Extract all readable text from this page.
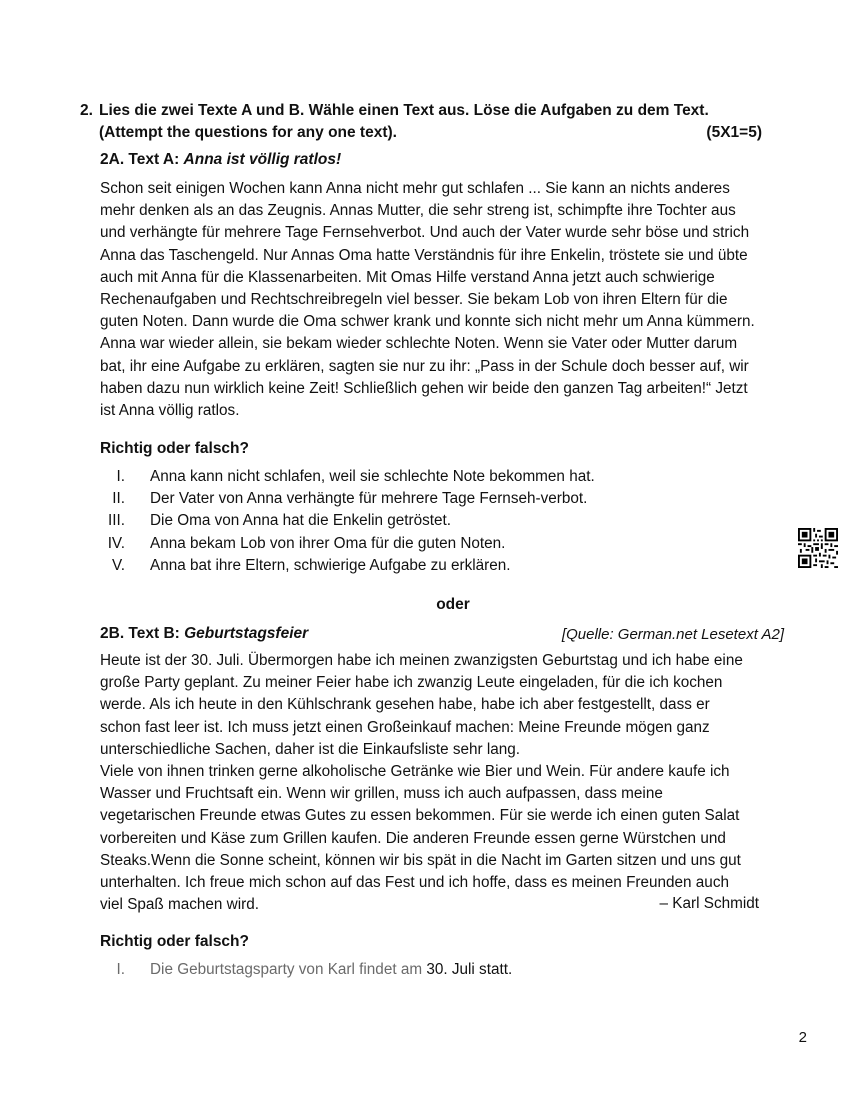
2. Lies die zwei Texte A und B. Wähle einen Text aus. Löse die Aufgaben zu dem Text.
(Attempt the questions for any one text).	(5X1=5)
2A. Text A: Anna ist völlig ratlos!

Schon seit einigen Wochen kann Anna nicht mehr gut schlafen ... Sie kann an nichts anderes

mehr denken als an das Zeugnis. Annas Mutter, die sehr streng ist, schimpfte ihre Tochter aus

und verhängte für mehrere Tage Fernsehverbot. Und auch der Vater wurde sehr böse und strich

Anna das Taschengeld. Nur Annas Oma hatte Verständnis für ihre Enkelin, tröstete sie und übte

auch mit Anna für die Klassenarbeiten. Mit Omas Hilfe verstand Anna jetzt auch schwierige

Rechenaufgaben und Rechtschreibregeln viel besser. Sie bekam Lob von ihren Eltern für die

guten Noten. Dann wurde die Oma schwer krank und konnte sich nicht mehr um Anna kümmern.

Anna war wieder allein, sie bekam wieder schlechte Noten. Wenn sie Vater oder Mutter darum

bat, ihr eine Aufgabe zu erklären, sagten sie nur zu ihr: „Pass in der Schule doch besser auf, wir

haben dazu nun wirklich keine Zeit! Schließlich gehen wir beide den ganzen Tag arbeiten!“ Jetzt

ist Anna völlig ratlos.

Richtig oder falsch?
I. Anna kann nicht schlafen, weil sie schlechte Note bekommen hat.
II. Der Vater von Anna verhängte für mehrere Tage Fernseh-verbot.
III. Die Oma von Anna hat die Enkelin getröstet.
IV. Anna bekam Lob von ihrer Oma für die guten Noten.
V. Anna bat ihre Eltern, schwierige Aufgabe zu erklären.
oder
2B. Text B: Geburtstagsfeier	[Quelle: German.net Lesetext A2]

Heute ist der 30. Juli. Übermorgen habe ich meinen zwanzigsten Geburtstag und ich habe eine

große Party geplant. Zu meiner Feier habe ich zwanzig Leute eingeladen, für die ich kochen

werde. Als ich heute in den Kühlschrank gesehen habe, habe ich aber festgestellt, dass er

schon fast leer ist. Ich muss jetzt einen Großeinkauf machen: Meine Freunde mögen ganz

unterschiedliche Sachen, daher ist die Einkaufsliste sehr lang.

Viele von ihnen trinken gerne alkoholische Getränke wie Bier und Wein. Für andere kaufe ich

Wasser und Fruchtsaft ein. Wenn wir grillen, muss ich auch aufpassen, dass meine

vegetarischen Freunde etwas Gutes zu essen bekommen. Für sie werde ich einen guten Salat

vorbereiten und Käse zum Grillen kaufen. Die anderen Freunde essen gerne Würstchen und

Steaks.Wenn die Sonne scheint, können wir bis spät in die Nacht im Garten sitzen und uns gut

unterhalten. Ich freue mich schon auf das Fest und ich hoffe, dass es meinen Freunden auch

viel Spaß machen wird.	– Karl Schmidt
Richtig oder falsch?
I. Die Geburtstagsparty von Karl findet am 30. Juli statt.
2
